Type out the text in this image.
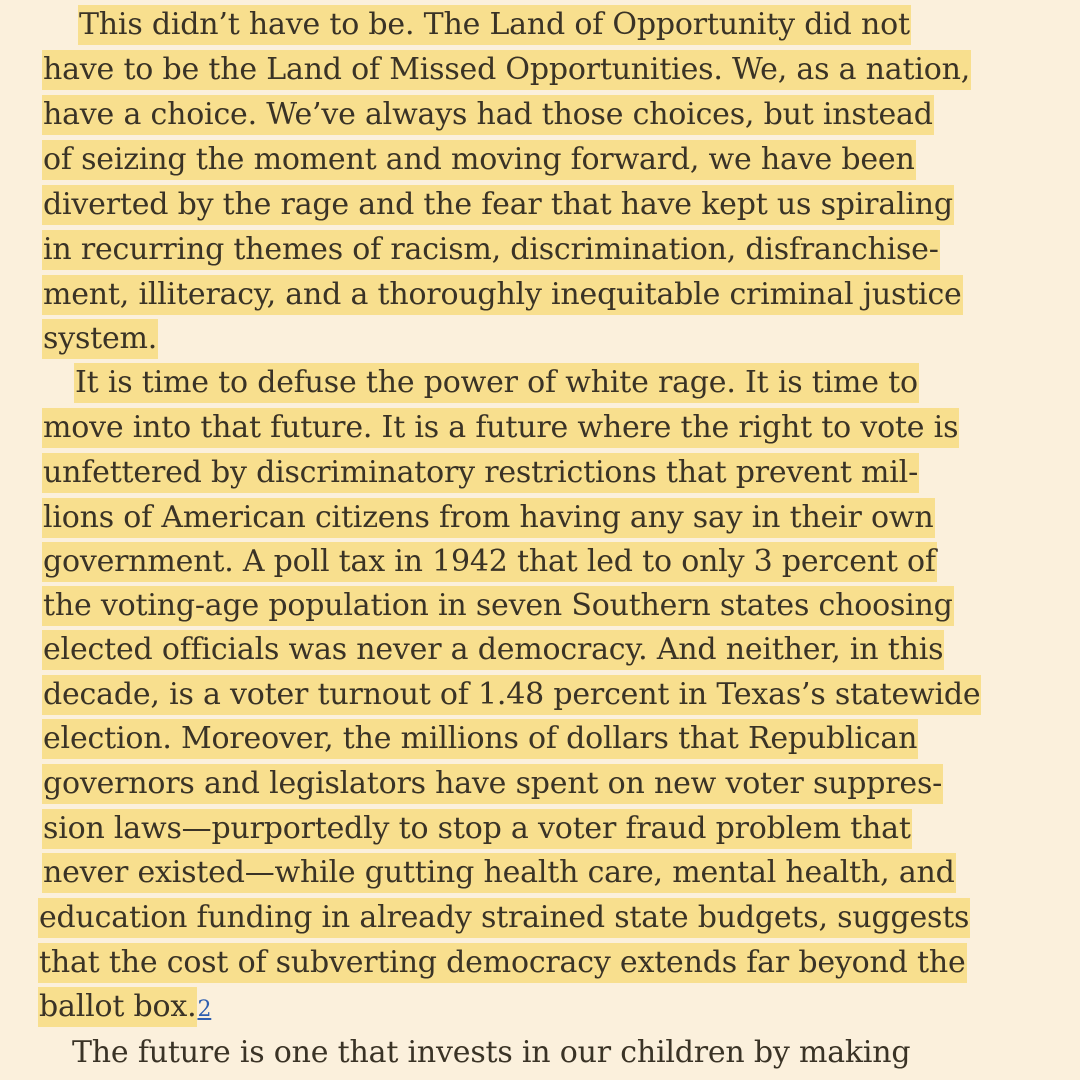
This didn’t have to be. The Land of Opportunity did not
have to be the Land of Missed Opportunities. We, as a nation,
have a choice. We’ve always had those choices, but instead
of seizing the moment and moving forward, we have been
diverted by the rage and the fear that have kept us spiraling
in recurring themes of racism, discrimination, disfranchise-
ment, illiteracy, and a thoroughly inequitable criminal justice
system.
It is time to defuse the power of white rage. It is time to
move into that future. It is a future where the right to vote is
unfettered by discriminatory restrictions that prevent mil-
lions of American citizens from having any say in their own
government. A poll tax in 1942 that led to only 3 percent of
the voting-age population in seven Southern states choosing
elected officials was never a democracy. And neither, in this
decade, is a voter turnout of 1.48 percent in Texas’s statewide
election. Moreover, the millions of dollars that Republican
governors and legislators have spent on new voter suppres-
sion laws—purportedly to stop a voter fraud problem that
never existed—while gutting health care, mental health, and
education funding in already strained state budgets, suggests
that the cost of subverting democracy extends far beyond the
ballot box.2
The future is one that invests in our children by making
